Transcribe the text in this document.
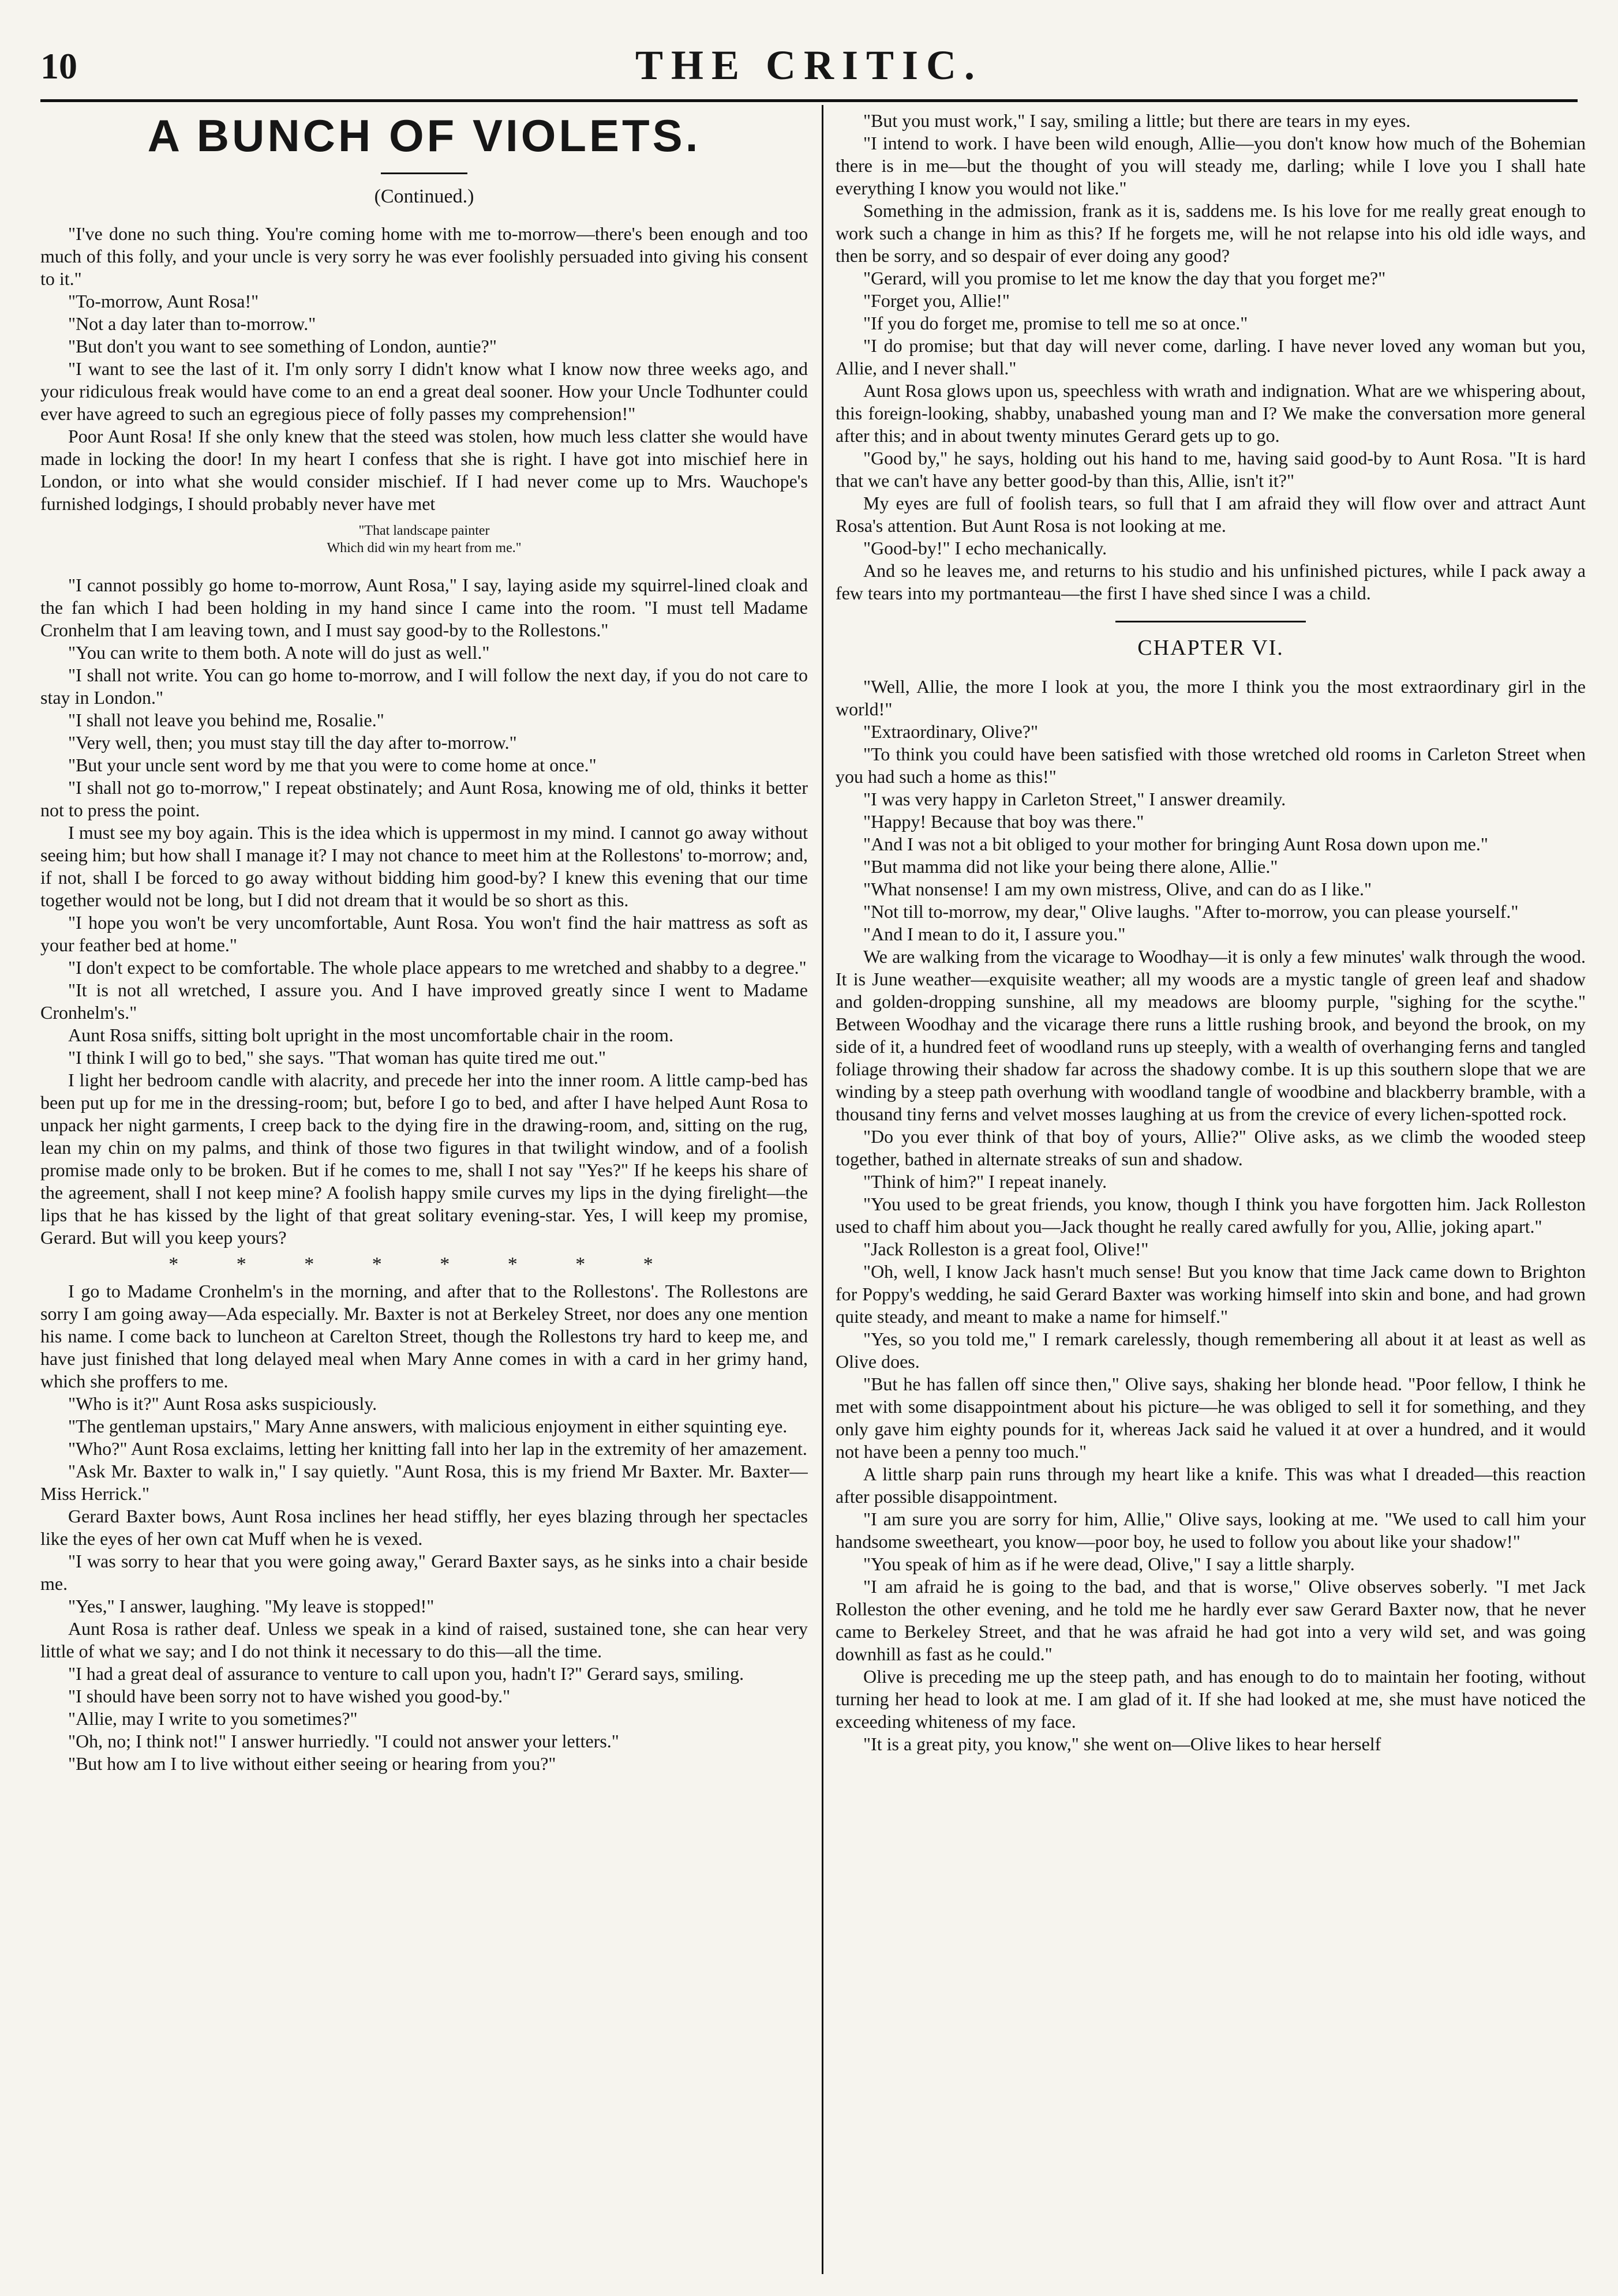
10	THE CRITIC.
A BUNCH OF VIOLETS.
(Continued.)

"I've done no such thing. You're coming home with me to-morrow—there's been enough and too much of this folly, and your uncle is very sorry he was ever foolishly persuaded into giving his consent to it."

"To-morrow, Aunt Rosa!"

"Not a day later than to-morrow."

"But don't you want to see something of London, auntie?"

"I want to see the last of it. I'm only sorry I didn't know what I know now three weeks ago, and your ridiculous freak would have come to an end a great deal sooner. How your Uncle Todhunter could ever have agreed to such an egregious piece of folly passes my comprehension!"

Poor Aunt Rosa! If she only knew that the steed was stolen, how much less clatter she would have made in locking the door! In my heart I confess that she is right. I have got into mischief here in London, or into what she would consider mischief. If I had never come up to Mrs. Wauchope's furnished lodgings, I should probably never have met

"That landscape painter
Which did win my heart from me."

"I cannot possibly go home to-morrow, Aunt Rosa," I say, laying aside my squirrel-lined cloak and the fan which I had been holding in my hand since I came into the room. "I must tell Madame Cronhelm that I am leaving town, and I must say good-by to the Rollestons."

"You can write to them both. A note will do just as well."

"I shall not write. You can go home to-morrow, and I will follow the next day, if you do not care to stay in London."

"I shall not leave you behind me, Rosalie."

"Very well, then; you must stay till the day after to-morrow."

"But your uncle sent word by me that you were to come home at once."

"I shall not go to-morrow," I repeat obstinately; and Aunt Rosa, knowing me of old, thinks it better not to press the point.

I must see my boy again. This is the idea which is uppermost in my mind. I cannot go away without seeing him; but how shall I manage it? I may not chance to meet him at the Rollestons' to-morrow; and, if not, shall I be forced to go away without bidding him good-by? I knew this evening that our time together would not be long, but I did not dream that it would be so short as this.

"I hope you won't be very uncomfortable, Aunt Rosa. You won't find the hair mattress as soft as your feather bed at home."

"I don't expect to be comfortable. The whole place appears to me wretched and shabby to a degree."

"It is not all wretched, I assure you. And I have improved greatly since I went to Madame Cronhelm's."

Aunt Rosa sniffs, sitting bolt upright in the most uncomfortable chair in the room.

"I think I will go to bed," she says. "That woman has quite tired me out."

I light her bedroom candle with alacrity, and precede her into the inner room. A little camp-bed has been put up for me in the dressing-room; but, before I go to bed, and after I have helped Aunt Rosa to unpack her night garments, I creep back to the dying fire in the drawing-room, and, sitting on the rug, lean my chin on my palms, and think of those two figures in that twilight window, and of a foolish promise made only to be broken. But if he comes to me, shall I not say "Yes?" If he keeps his share of the agreement, shall I not keep mine? A foolish happy smile curves my lips in the dying firelight—the lips that he has kissed by the light of that great solitary evening-star. Yes, I will keep my promise, Gerard. But will you keep yours?

* * * * * * * *

I go to Madame Cronhelm's in the morning, and after that to the Rollestons'. The Rollestons are sorry I am going away—Ada especially. Mr. Baxter is not at Berkeley Street, nor does any one mention his name. I come back to luncheon at Carelton Street, though the Rollestons try hard to keep me, and have just finished that long delayed meal when Mary Anne comes in with a card in her grimy hand, which she proffers to me.

"Who is it?" Aunt Rosa asks suspiciously.

"The gentleman upstairs," Mary Anne answers, with malicious enjoyment in either squinting eye.

"Who?" Aunt Rosa exclaims, letting her knitting fall into her lap in the extremity of her amazement.

"Ask Mr. Baxter to walk in," I say quietly. "Aunt Rosa, this is my friend Mr Baxter. Mr. Baxter—Miss Herrick."

Gerard Baxter bows, Aunt Rosa inclines her head stiffly, her eyes blazing through her spectacles like the eyes of her own cat Muff when he is vexed.

"I was sorry to hear that you were going away," Gerard Baxter says, as he sinks into a chair beside me.

"Yes," I answer, laughing. "My leave is stopped!"

Aunt Rosa is rather deaf. Unless we speak in a kind of raised, sustained tone, she can hear very little of what we say; and I do not think it necessary to do this—all the time.

"I had a great deal of assurance to venture to call upon you, hadn't I?" Gerard says, smiling.

"I should have been sorry not to have wished you good-by."

"Allie, may I write to you sometimes?"

"Oh, no; I think not!" I answer hurriedly. "I could not answer your letters."

"But how am I to live without either seeing or hearing from you?"

"But you must work," I say, smiling a little; but there are tears in my eyes.

"I intend to work. I have been wild enough, Allie—you don't know how much of the Bohemian there is in me—but the thought of you will steady me, darling; while I love you I shall hate everything I know you would not like."

Something in the admission, frank as it is, saddens me. Is his love for me really great enough to work such a change in him as this? If he forgets me, will he not relapse into his old idle ways, and then be sorry, and so despair of ever doing any good?

"Gerard, will you promise to let me know the day that you forget me?"

"Forget you, Allie!"

"If you do forget me, promise to tell me so at once."

"I do promise; but that day will never come, darling. I have never loved any woman but you, Allie, and I never shall."

Aunt Rosa glows upon us, speechless with wrath and indignation. What are we whispering about, this foreign-looking, shabby, unabashed young man and I? We make the conversation more general after this; and in about twenty minutes Gerard gets up to go.

"Good by," he says, holding out his hand to me, having said good-by to Aunt Rosa. "It is hard that we can't have any better good-by than this, Allie, isn't it?"

My eyes are full of foolish tears, so full that I am afraid they will flow over and attract Aunt Rosa's attention. But Aunt Rosa is not looking at me.

"Good-by!" I echo mechanically.

And so he leaves me, and returns to his studio and his unfinished pictures, while I pack away a few tears into my portmanteau—the first I have shed since I was a child.

CHAPTER VI.

"Well, Allie, the more I look at you, the more I think you the most extraordinary girl in the world!"

"Extraordinary, Olive?"

"To think you could have been satisfied with those wretched old rooms in Carleton Street when you had such a home as this!"

"I was very happy in Carleton Street," I answer dreamily.

"Happy! Because that boy was there."

"And I was not a bit obliged to your mother for bringing Aunt Rosa down upon me."

"But mamma did not like your being there alone, Allie."

"What nonsense! I am my own mistress, Olive, and can do as I like."

"Not till to-morrow, my dear," Olive laughs. "After to-morrow, you can please yourself."

"And I mean to do it, I assure you."

We are walking from the vicarage to Woodhay—it is only a few minutes' walk through the wood. It is June weather—exquisite weather; all my woods are a mystic tangle of green leaf and shadow and golden-dropping sunshine, all my meadows are bloomy purple, "sighing for the scythe." Between Woodhay and the vicarage there runs a little rushing brook, and beyond the brook, on my side of it, a hundred feet of woodland runs up steeply, with a wealth of overhanging ferns and tangled foliage throwing their shadow far across the shadowy combe. It is up this southern slope that we are winding by a steep path overhung with woodland tangle of woodbine and blackberry bramble, with a thousand tiny ferns and velvet mosses laughing at us from the crevice of every lichen-spotted rock.

"Do you ever think of that boy of yours, Allie?" Olive asks, as we climb the wooded steep together, bathed in alternate streaks of sun and shadow.

"Think of him?" I repeat inanely.

"You used to be great friends, you know, though I think you have forgotten him. Jack Rolleston used to chaff him about you—Jack thought he really cared awfully for you, Allie, joking apart."

"Jack Rolleston is a great fool, Olive!"

"Oh, well, I know Jack hasn't much sense! But you know that time Jack came down to Brighton for Poppy's wedding, he said Gerard Baxter was working himself into skin and bone, and had grown quite steady, and meant to make a name for himself."

"Yes, so you told me," I remark carelessly, though remembering all about it at least as well as Olive does.

"But he has fallen off since then," Olive says, shaking her blonde head. "Poor fellow, I think he met with some disappointment about his picture—he was obliged to sell it for something, and they only gave him eighty pounds for it, whereas Jack said he valued it at over a hundred, and it would not have been a penny too much."

A little sharp pain runs through my heart like a knife. This was what I dreaded—this reaction after possible disappointment.

"I am sure you are sorry for him, Allie," Olive says, looking at me. "We used to call him your handsome sweetheart, you know—poor boy, he used to follow you about like your shadow!"

"You speak of him as if he were dead, Olive," I say a little sharply.

"I am afraid he is going to the bad, and that is worse," Olive observes soberly. "I met Jack Rolleston the other evening, and he told me he hardly ever saw Gerard Baxter now, that he never came to Berkeley Street, and that he was afraid he had got into a very wild set, and was going downhill as fast as he could."

Olive is preceding me up the steep path, and has enough to do to maintain her footing, without turning her head to look at me. I am glad of it. If she had looked at me, she must have noticed the exceeding whiteness of my face.

"It is a great pity, you know," she went on—Olive likes to hear herself
